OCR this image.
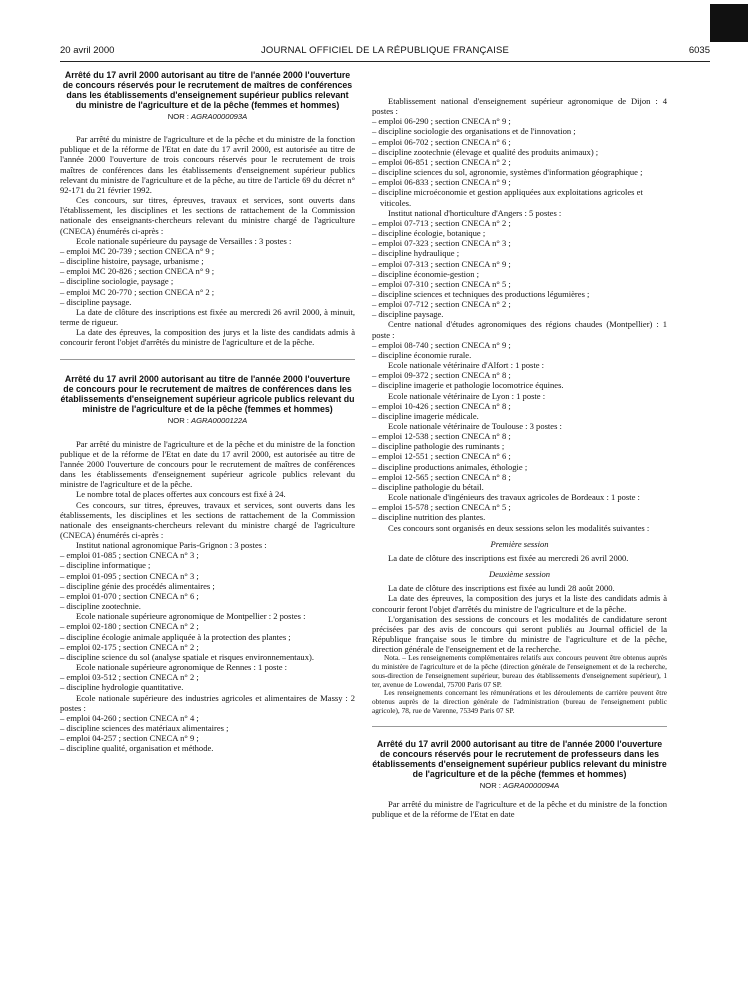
20 avril 2000	JOURNAL OFFICIEL DE LA RÉPUBLIQUE FRANÇAISE	6035

Arrêté du 17 avril 2000 autorisant au titre de l'année 2000 l'ouverture de concours réservés pour le recrutement de maîtres de conférences dans les établissements d'enseignement supérieur publics relevant du ministre de l'agriculture et de la pêche (femmes et hommes)

NOR : AGRA0000093A

Par arrêté du ministre de l'agriculture et de la pêche et du ministre de la fonction publique et de la réforme de l'Etat en date du 17 avril 2000, est autorisée au titre de l'année 2000 l'ouverture de trois concours réservés pour le recrutement de trois maîtres de conférences dans les établissements d'enseignement supérieur publics relevant du ministre de l'agriculture et de la pêche, au titre de l'article 69 du décret n° 92-171 du 21 février 1992.

Ces concours, sur titres, épreuves, travaux et services, sont ouverts dans l'établissement, les disciplines et les sections de rattachement de la Commission nationale des enseignants-chercheurs relevant du ministre chargé de l'agriculture (CNECA) énumérés ci-après :

Ecole nationale supérieure du paysage de Versailles : 3 postes :

– emploi MC 20-739 ; section CNECA n° 9 ;

– discipline histoire, paysage, urbanisme ;

– emploi MC 20-826 ; section CNECA n° 9 ;

– discipline sociologie, paysage ;

– emploi MC 20-770 ; section CNECA n° 2 ;

– discipline paysage.

La date de clôture des inscriptions est fixée au mercredi 26 avril 2000, à minuit, terme de rigueur.

La date des épreuves, la composition des jurys et la liste des candidats admis à concourir feront l'objet d'arrêtés du ministre de l'agriculture et de la pêche.

Arrêté du 17 avril 2000 autorisant au titre de l'année 2000 l'ouverture de concours pour le recrutement de maîtres de conférences dans les établissements d'enseignement supérieur agricole publics relevant du ministre de l'agriculture et de la pêche (femmes et hommes)

NOR : AGRA0000122A

Par arrêté du ministre de l'agriculture et de la pêche et du ministre de la fonction publique et de la réforme de l'Etat en date du 17 avril 2000, est autorisée au titre de l'année 2000 l'ouverture de concours pour le recrutement de maîtres de conférences dans les établissements d'enseignement supérieur agricole publics relevant du ministre de l'agriculture et de la pêche.

Le nombre total de places offertes aux concours est fixé à 24.

Ces concours, sur titres, épreuves, travaux et services, sont ouverts dans les établissements, les disciplines et les sections de rattachement de la Commission nationale des enseignants-chercheurs relevant du ministre chargé de l'agriculture (CNECA) énumérés ci-après :

Institut national agronomique Paris-Grignon : 3 postes :

– emploi 01-085 ; section CNECA n° 3 ;

– discipline informatique ;

– emploi 01-095 ; section CNECA n° 3 ;

– discipline génie des procédés alimentaires ;

– emploi 01-070 ; section CNECA n° 6 ;

– discipline zootechnie.

Ecole nationale supérieure agronomique de Montpellier : 2 postes :

– emploi 02-180 ; section CNECA n° 2 ;

– discipline écologie animale appliquée à la protection des plantes ;

– emploi 02-175 ; section CNECA n° 2 ;

– discipline science du sol (analyse spatiale et risques environnementaux).

Ecole nationale supérieure agronomique de Rennes : 1 poste :

– emploi 03-512 ; section CNECA n° 2 ;

– discipline hydrologie quantitative.

Ecole nationale supérieure des industries agricoles et alimentaires de Massy : 2 postes :

– emploi 04-260 ; section CNECA n° 4 ;

– discipline sciences des matériaux alimentaires ;

– emploi 04-257 ; section CNECA n° 9 ;

– discipline qualité, organisation et méthode.

Etablissement national d'enseignement supérieur agronomique de Dijon : 4 postes :

– emploi 06-290 ; section CNECA n° 9 ;

– discipline sociologie des organisations et de l'innovation ;

– emploi 06-702 ; section CNECA n° 6 ;

– discipline zootechnie (élevage et qualité des produits animaux) ;

– emploi 06-851 ; section CNECA n° 2 ;

– discipline sciences du sol, agronomie, systèmes d'information géographique ;

– emploi 06-833 ; section CNECA n° 9 ;

– discipline microéconomie et gestion appliquées aux exploitations agricoles et viticoles.

Institut national d'horticulture d'Angers : 5 postes :

– emploi 07-713 ; section CNECA n° 2 ;

– discipline écologie, botanique ;

– emploi 07-323 ; section CNECA n° 3 ;

– discipline hydraulique ;

– emploi 07-313 ; section CNECA n° 9 ;

– discipline économie-gestion ;

– emploi 07-310 ; section CNECA n° 5 ;

– discipline sciences et techniques des productions légumières ;

– emploi 07-712 ; section CNECA n° 2 ;

– discipline paysage.

Centre national d'études agronomiques des régions chaudes (Montpellier) : 1 poste :

– emploi 08-740 ; section CNECA n° 9 ;

– discipline économie rurale.

Ecole nationale vétérinaire d'Alfort : 1 poste :

– emploi 09-372 ; section CNECA n° 8 ;

– discipline imagerie et pathologie locomotrice équines.

Ecole nationale vétérinaire de Lyon : 1 poste :

– emploi 10-426 ; section CNECA n° 8 ;

– discipline imagerie médicale.

Ecole nationale vétérinaire de Toulouse : 3 postes :

– emploi 12-538 ; section CNECA n° 8 ;

– discipline pathologie des ruminants ;

– emploi 12-551 ; section CNECA n° 6 ;

– discipline productions animales, éthologie ;

– emploi 12-565 ; section CNECA n° 8 ;

– discipline pathologie du bétail.

Ecole nationale d'ingénieurs des travaux agricoles de Bordeaux : 1 poste :

– emploi 15-578 ; section CNECA n° 5 ;

– discipline nutrition des plantes.

Ces concours sont organisés en deux sessions selon les modalités suivantes :

Première session

La date de clôture des inscriptions est fixée au mercredi 26 avril 2000.

Deuxième session

La date de clôture des inscriptions est fixée au lundi 28 août 2000.

La date des épreuves, la composition des jurys et la liste des candidats admis à concourir feront l'objet d'arrêtés du ministre de l'agriculture et de la pêche.

L'organisation des sessions de concours et les modalités de candidature seront précisées par des avis de concours qui seront publiés au Journal officiel de la République française sous le timbre du ministre de l'agriculture et de la pêche, direction générale de l'enseignement et de la recherche.

Nota. – Les renseignements complémentaires relatifs aux concours peuvent être obtenus auprès du ministère de l'agriculture et de la pêche (direction générale de l'enseignement et de la recherche, sous-direction de l'enseignement supérieur, bureau des établissements d'enseignement supérieur), 1 ter, avenue de Lowendal, 75700 Paris 07 SP.

Les renseignements concernant les rémunérations et les déroulements de carrière peuvent être obtenus auprès de la direction générale de l'administration (bureau de l'enseignement public agricole), 78, rue de Varenne, 75349 Paris 07 SP.

Arrêté du 17 avril 2000 autorisant au titre de l'année 2000 l'ouverture de concours réservés pour le recrutement de professeurs dans les établissements d'enseignement supérieur publics relevant du ministre de l'agriculture et de la pêche (femmes et hommes)

NOR : AGRA0000094A

Par arrêté du ministre de l'agriculture et de la pêche et du ministre de la fonction publique et de la réforme de l'Etat en date
